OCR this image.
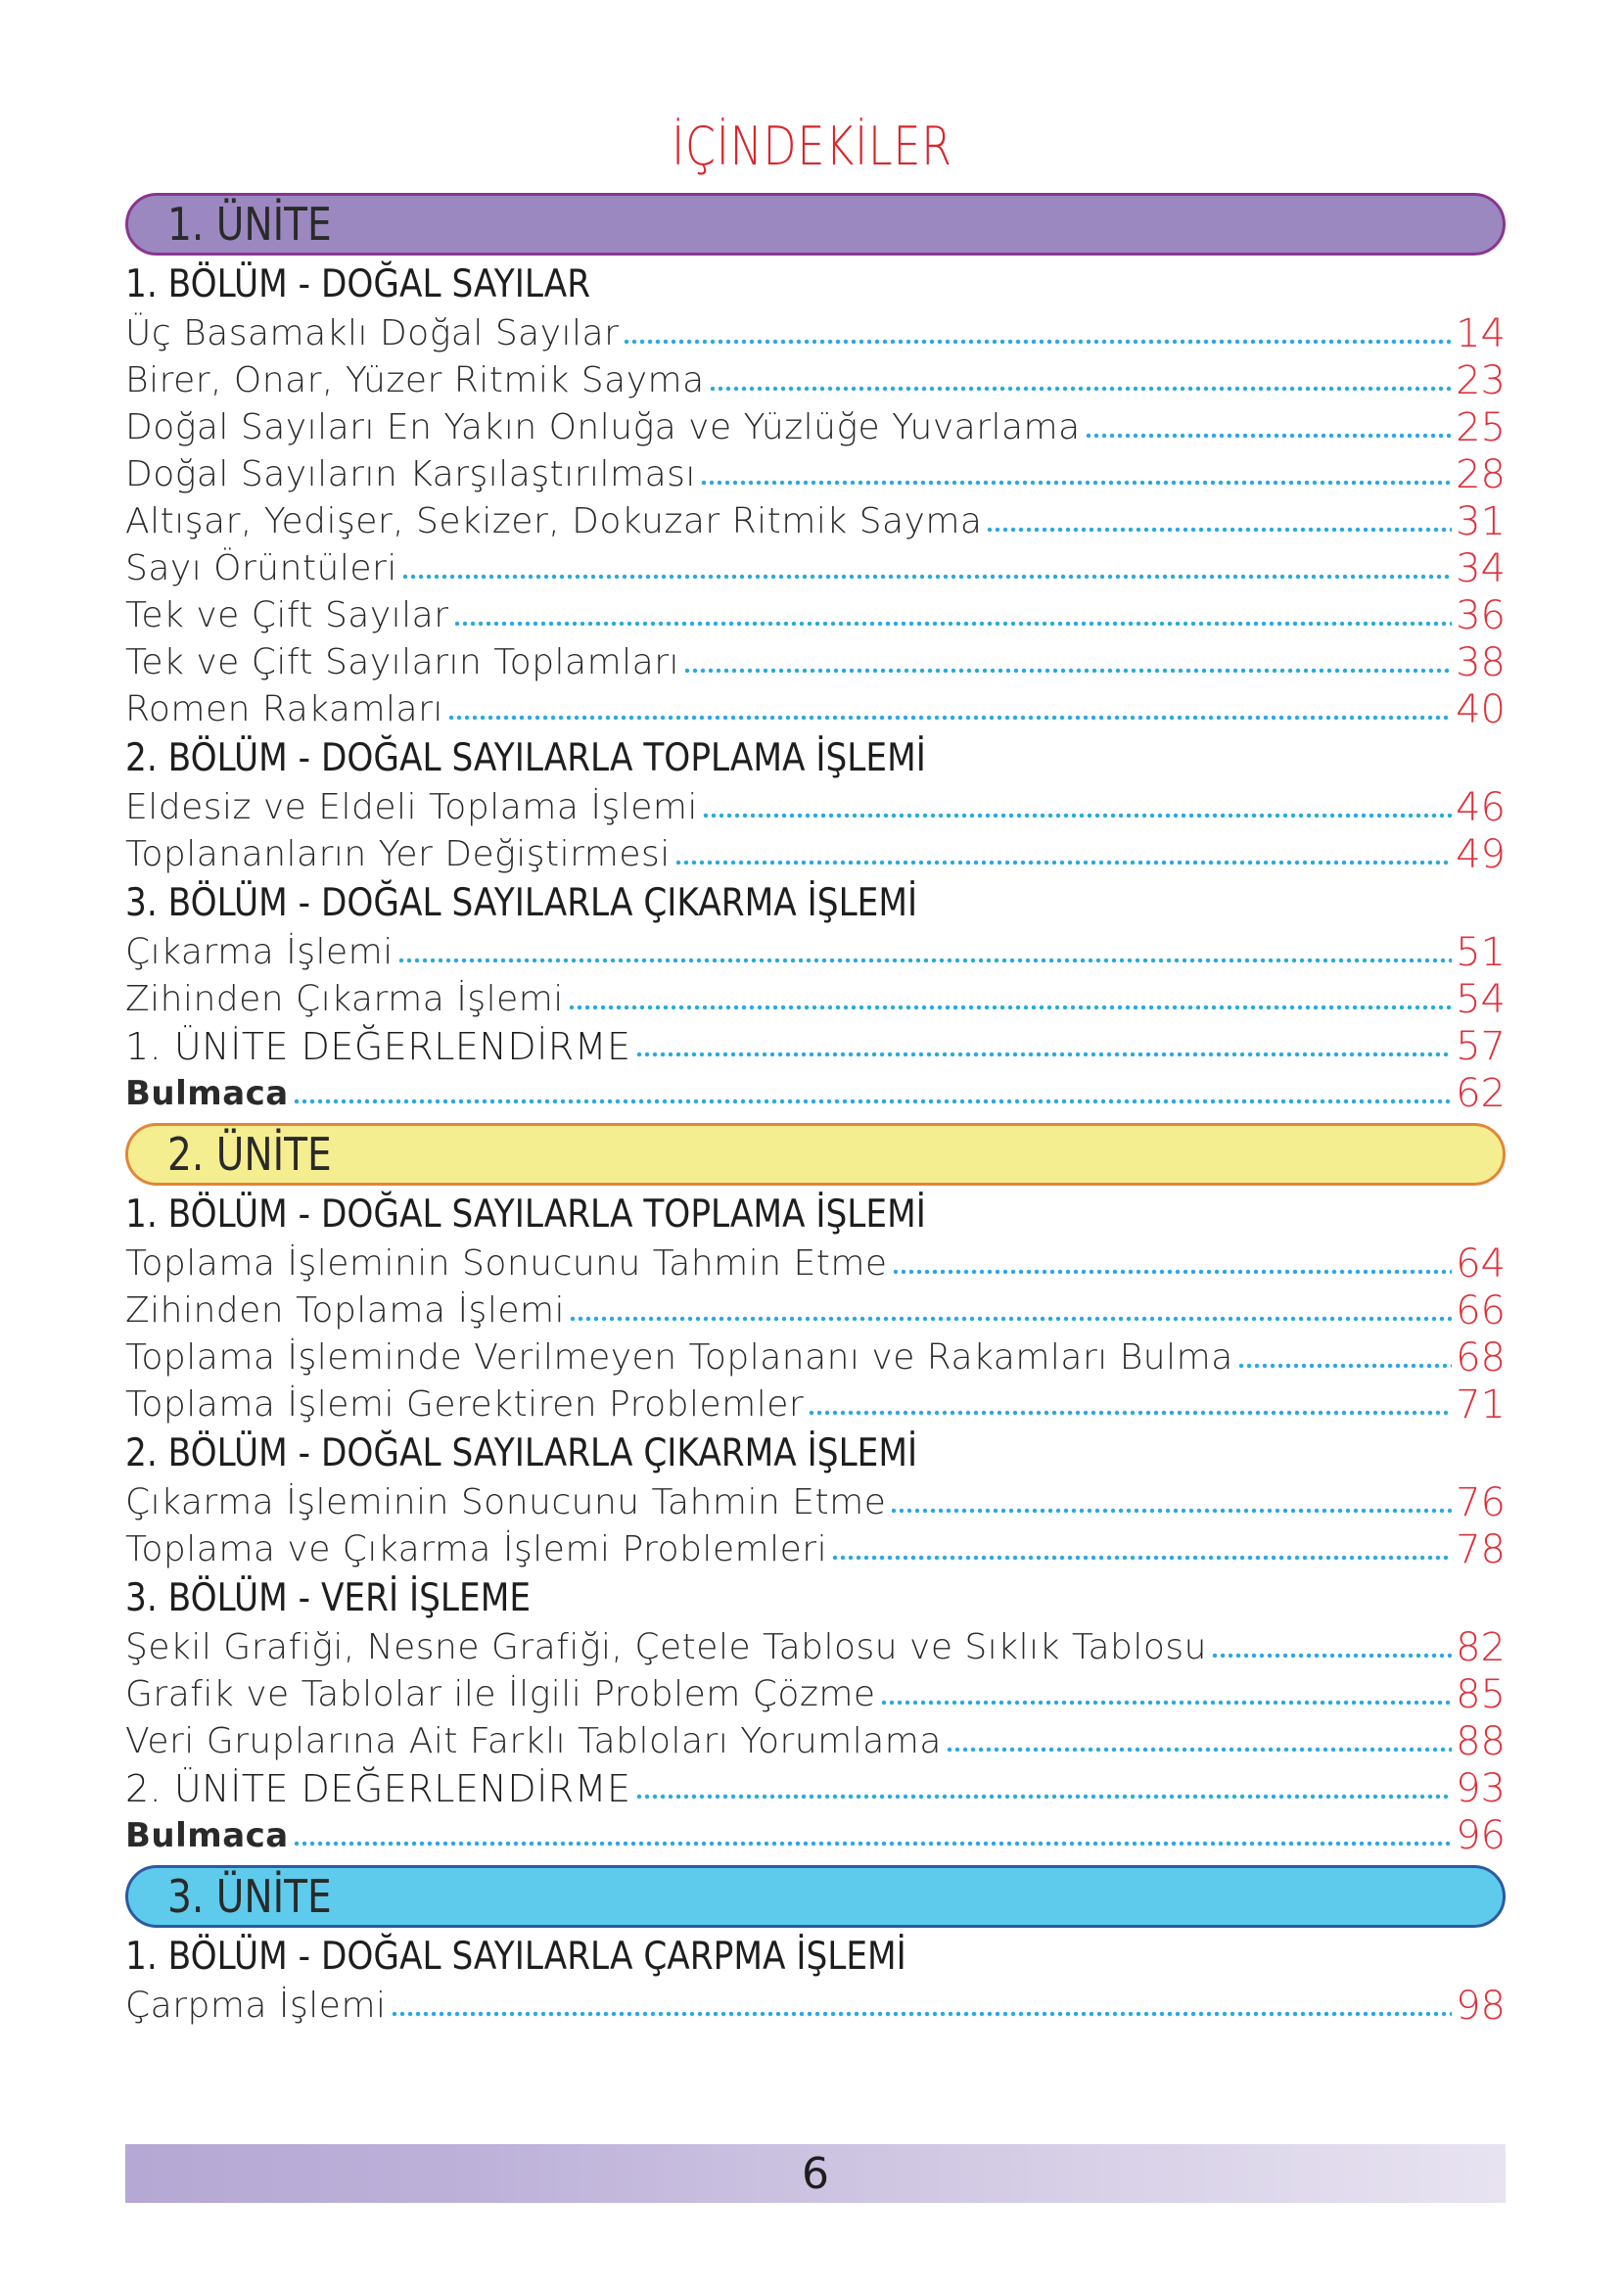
İÇİNDEKİLER
1. ÜNİTE
1. BÖLÜM - DOĞAL SAYILAR
Üç Basamaklı Doğal Sayılar	14
Birer, Onar, Yüzer Ritmik Sayma	23
Doğal Sayıları En Yakın Onluğa ve Yüzlüğe Yuvarlama	25
Doğal Sayıların Karşılaştırılması	28
Altışar, Yedişer, Sekizer, Dokuzar Ritmik Sayma	31
Sayı Örüntüleri	34
Tek ve Çift Sayılar	36
Tek ve Çift Sayıların Toplamları	38
Romen Rakamları	40
2. BÖLÜM - DOĞAL SAYILARLA TOPLAMA İŞLEMİ
Eldesiz ve Eldeli Toplama İşlemi	46
Toplananların Yer Değiştirmesi	49
3. BÖLÜM - DOĞAL SAYILARLA ÇIKARMA İŞLEMİ
Çıkarma İşlemi	51
Zihinden Çıkarma İşlemi	54
1. ÜNİTE DEĞERLENDİRME	57
Bulmaca	62
2. ÜNİTE
1. BÖLÜM - DOĞAL SAYILARLA TOPLAMA İŞLEMİ
Toplama İşleminin Sonucunu Tahmin Etme	64
Zihinden Toplama İşlemi	66
Toplama İşleminde Verilmeyen Toplananı ve Rakamları Bulma	68
Toplama İşlemi Gerektiren Problemler	71
2. BÖLÜM - DOĞAL SAYILARLA ÇIKARMA İŞLEMİ
Çıkarma İşleminin Sonucunu Tahmin Etme	76
Toplama ve Çıkarma İşlemi Problemleri	78
3. BÖLÜM - VERİ İŞLEME
Şekil Grafiği, Nesne Grafiği, Çetele Tablosu ve Sıklık Tablosu	82
Grafik ve Tablolar ile İlgili Problem Çözme	85
Veri Gruplarına Ait Farklı Tabloları Yorumlama	88
2. ÜNİTE DEĞERLENDİRME	93
Bulmaca	96
3. ÜNİTE
1. BÖLÜM - DOĞAL SAYILARLA ÇARPMA İŞLEMİ
Çarpma İşlemi	98
6
